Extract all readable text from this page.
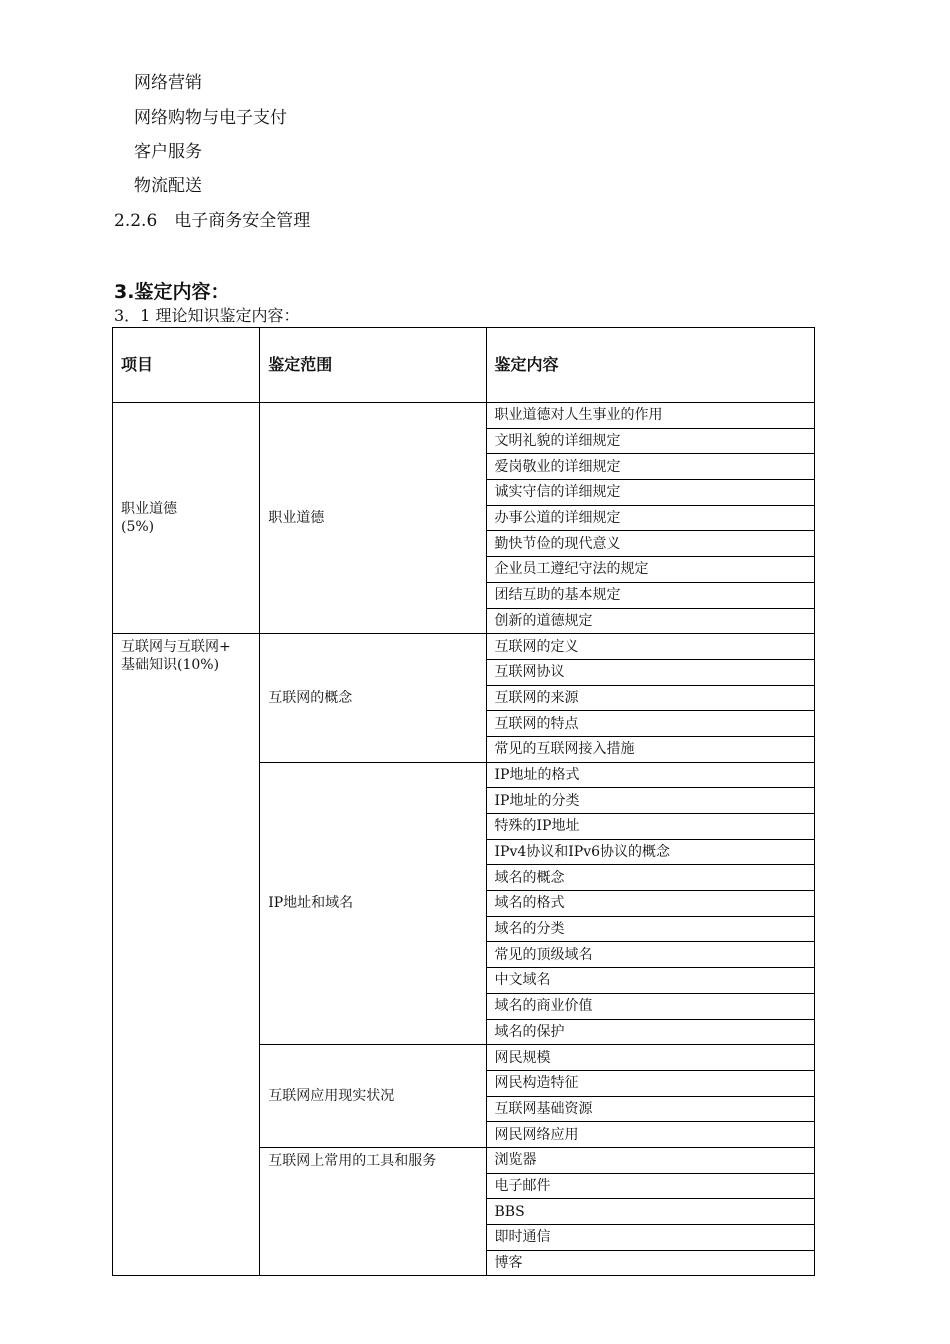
网络营销
网络购物与电子支付
客户服务
物流配送
2.2.6　电子商务安全管理
3.鉴定内容：
3．1 理论知识鉴定内容：
项目	鉴定范围	鉴定内容

职业道德
(5%)	职业道德	职业道德对人生事业的作用
		文明礼貌的详细规定
		爱岗敬业的详细规定
		诚实守信的详细规定
		办事公道的详细规定
		勤快节俭的现代意义
		企业员工遵纪守法的规定
		团结互助的基本规定
		创新的道德规定

互联网与互联网+
基础知识(10%)	互联网的概念	互联网的定义
		互联网协议
		互联网的来源
		互联网的特点
		常见的互联网接入措施
	IP地址和域名	IP地址的格式
		IP地址的分类
		特殊的IP地址
		IPv4协议和IPv6协议的概念
		域名的概念
		域名的格式
		域名的分类
		常见的顶级域名
		中文域名
		域名的商业价值
		域名的保护
	互联网应用现实状况	网民规模
		网民构造特征
		互联网基础资源
		网民网络应用
	互联网上常用的工具和服务	浏览器
		电子邮件
		BBS
		即时通信
		博客
